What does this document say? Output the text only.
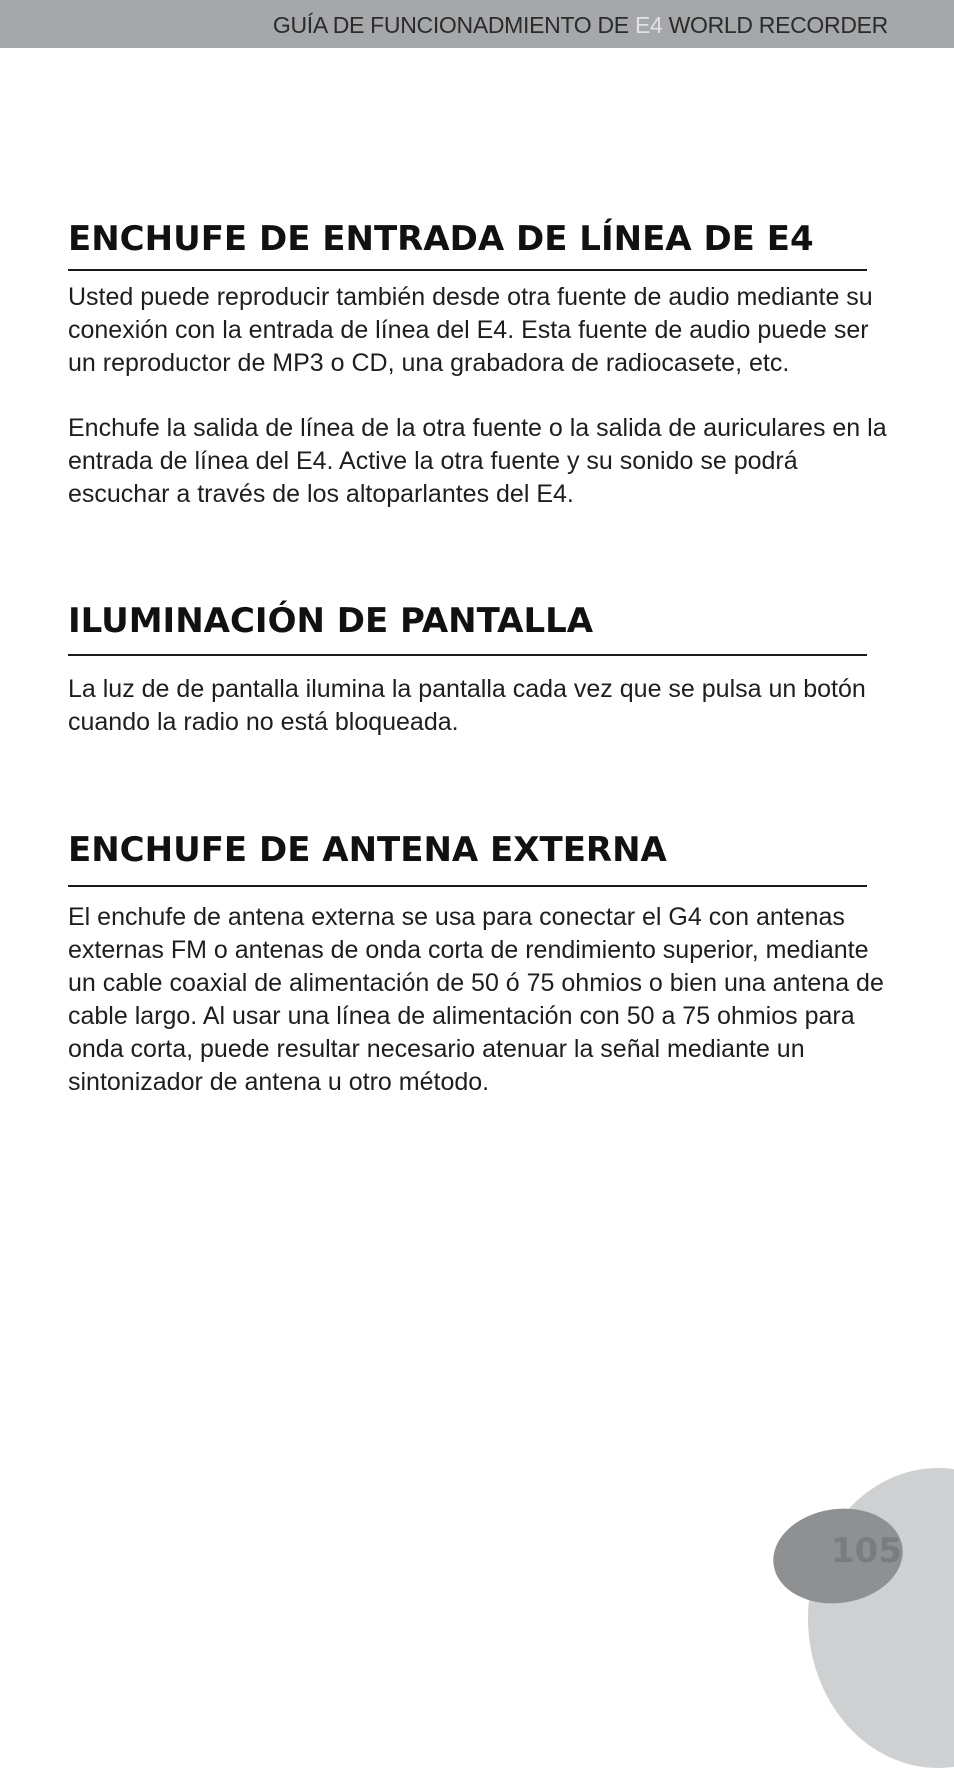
GUÍA DE FUNCIONADMIENTO DE E4 WORLD RECORDER
ENCHUFE DE ENTRADA DE LÍNEA DE E4

Usted puede reproducir también desde otra fuente de audio mediante su conexión con la entrada de línea del E4. Esta fuente de audio puede ser un reproductor de MP3 o CD, una grabadora de radiocasete, etc.

Enchufe la salida de línea de la otra fuente o la salida de auriculares en la entrada de línea del E4. Active la otra fuente y su sonido se podrá escuchar a través de los altoparlantes del E4.

ILUMINACIÓN DE PANTALLA

La luz de de pantalla ilumina la pantalla cada vez que se pulsa un botón cuando la radio no está bloqueada.

ENCHUFE DE ANTENA EXTERNA

El enchufe de antena externa se usa para conectar el G4 con antenas externas FM o antenas de onda corta de rendimiento superior, mediante un cable coaxial de alimentación de 50 ó 75 ohmios o bien una antena de cable largo. Al usar una línea de alimentación con 50 a 75 ohmios para onda corta, puede resultar necesario atenuar la señal mediante un sintonizador de antena u otro método.

105
